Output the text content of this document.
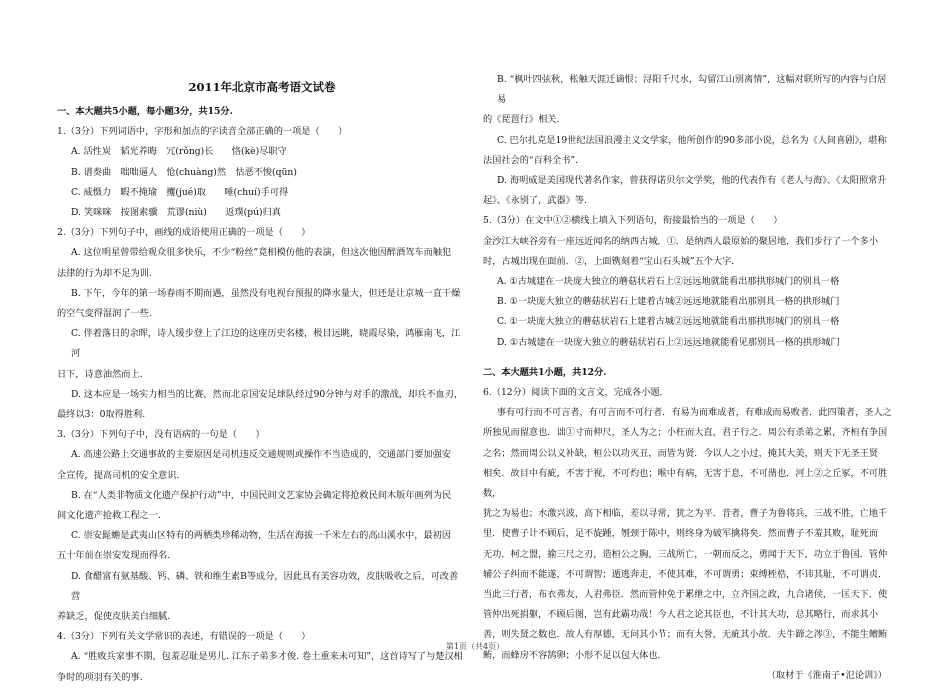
2011年北京市高考语文试卷
一、本大题共5小题，每小题3分，共15分.
1.（3分）下列词语中，字形和加点的字读音全部正确的一项是（　　）
A. 活性炭　韬光养晦　冗(rǒng)长　　恪(kè)尽职守
B. 谱奏曲　咄咄逼人　怆(chuàng)然　怙恶不悛(qūn)
C. 威慑力　暇不掩瑜　攫(jué)取　　唾(chuí)手可得
D. 笑咪咪　按图索骥　荒谬(niù)　　返璞(pú)归真
2.（3分）下列句子中，画线的成语使用正确的一项是（　　）
A. 这位明星曾带给观众很多快乐，不少“粉丝”竟相模仿他的表演，但这次他因醉酒驾车而触犯
法律的行为却不足为训.
B. 下午，今年的第一场春雨不期而遇，虽然没有电视台预报的降水量大，但还是让京城一直干燥
的空气变得湿润了一些.
C. 伴着落日的余晖，诗人缓步登上了江边的这座历史名楼，极目远眺，晓霞尽染，鸿雁南飞，江河
日下，诗意油然而上.
D. 这本应是一场实力相当的比赛，然而北京国安足球队经过90分钟与对手的激战，却兵不血刃，
最终以3：0取得胜利.
3.（3分）下列句子中，没有语病的一句是（　　）
A. 高速公路上交通事故的主要原因是司机违反交通规则或操作不当造成的，交通部门要加强安
全宣传，提高司机的安全意识.
B. 在“人类非物质文化遗产保护行动”中，中国民间文艺家协会确定将抢救民间木版年画列为民
间文化遗产抢救工程之一.
C. 崇安髭蟾是武夷山区特有的两栖类珍稀动物，生活在海拔一千米左右的高山溪水中，最初因
五十年前在崇安发现而得名.
D. 食醋富有氨基酸、钙、磷、铁和维生素B等成分，因此具有美容功效，皮肤吸收之后，可改善营
养缺乏，促使皮肤美白细腻.
4.（3分）下列有关文学常识的表述，有错误的一项是（　　）
A. “胜败兵家事不期，包羞忍耻是男儿. 江东子弟多才俊. 卷土重来未可知”，这首诗写了与楚汉相
争时的项羽有关的事.
B. “枫叶四弦秋，枨触天涯迁谪恨；浔阳千尺水，勾留江山别离情”，这幅对联所写的内容与白居易
的《琵琶行》相关.
C. 巴尔扎克是19世纪法国浪漫主义文学家，他所创作的90多部小说，总名为《人间喜剧》，堪称
法国社会的“百科全书”.
D. 海明威是美国现代著名作家，曾获得诺贝尔文学奖，他的代表作有《老人与海》、《太阳照常升
起》、《永别了，武器》等.
5.（3分）在文中①②横线上填入下列语句，衔接最恰当的一项是（　　）
金沙江大峡谷旁有一座远近闻名的纳西古城．①．是纳西人最原始的聚居地．我们步行了一个多小
时，古城出现在面前．②，上面镌刻着“宝山石头城”五个大字．
A. ①古城建在一块庞大独立的蘑菇状岩石上②远远地就能看出那拱形城门的别具一格
B. ①一块庞大独立的蘑菇状岩石上建着古城②远远地就能看出那别具一格的拱形城门
C. ①一块庞大独立的蘑菇状岩石上建着古城②远远地就能看出那拱形城门的别具一格
D. ①古城建在一块庞大独立的蘑菇状岩石上②远远地就能看见那别具一格的拱形城门
二、本大题共1小题，共12分.
6.（12分）阅读下面的文言文，完成各小题．
事有可行而不可言者，有可言而不可行者．有易为而难成者，有难成而易败者．此四策者，圣人之
所独见而留意也．诎①寸而伸尺，圣人为之；小枉而大直，君子行之．周公有杀弟之累，齐桓有争国
之名；然而周公以义补缺，桓公以功灭丑，而皆为贤．今以人之小过，掩其大美，则天下无圣王贤
相矣．故目中有疵，不害于视，不可灼也；喉中有病，无害于息，不可凿也．河上②之丘冢，不可胜数，
犹之为易也；水激兴波，高下相临，差以寻常，犹之为平．昔者，曹子为鲁将兵，三战不胜，亡地千
里．使曹子计不顾后，足不旋踵，刎颈于陈中，则终身为破军擒将矣．然而曹子不羞其败，耻死而
无功．柯之盟，揄三尺之刃，造桓公之胸，三战所亡，一朝而反之，勇闻于天下，功立于鲁国．管仲
辅公子纠而不能遂，不可谓智；遁逃奔走，不使其难，不可谓勇；束缚桎梏，不讳其耻，不可谓贞．
当此三行者，布衣弗友，人君弗臣．然而管仲免于累绁之中，立齐国之政，九合诸侯，一匡天下．使
管仲出死捐躯，不顾后图，岂有此霸功哉！今人君之论其臣也，不计其大功，总其略行，而求其小
善，则失贤之数也．故人有厚德，无问其小节；而有大誉，无疵其小故．夫牛蹄之涔③，不能生鳣鲔
鲔，而蜂房不容鹄卵；小形不足以包大体也．
（取材于《淮南子•氾论训》）
第1页（共4页）
